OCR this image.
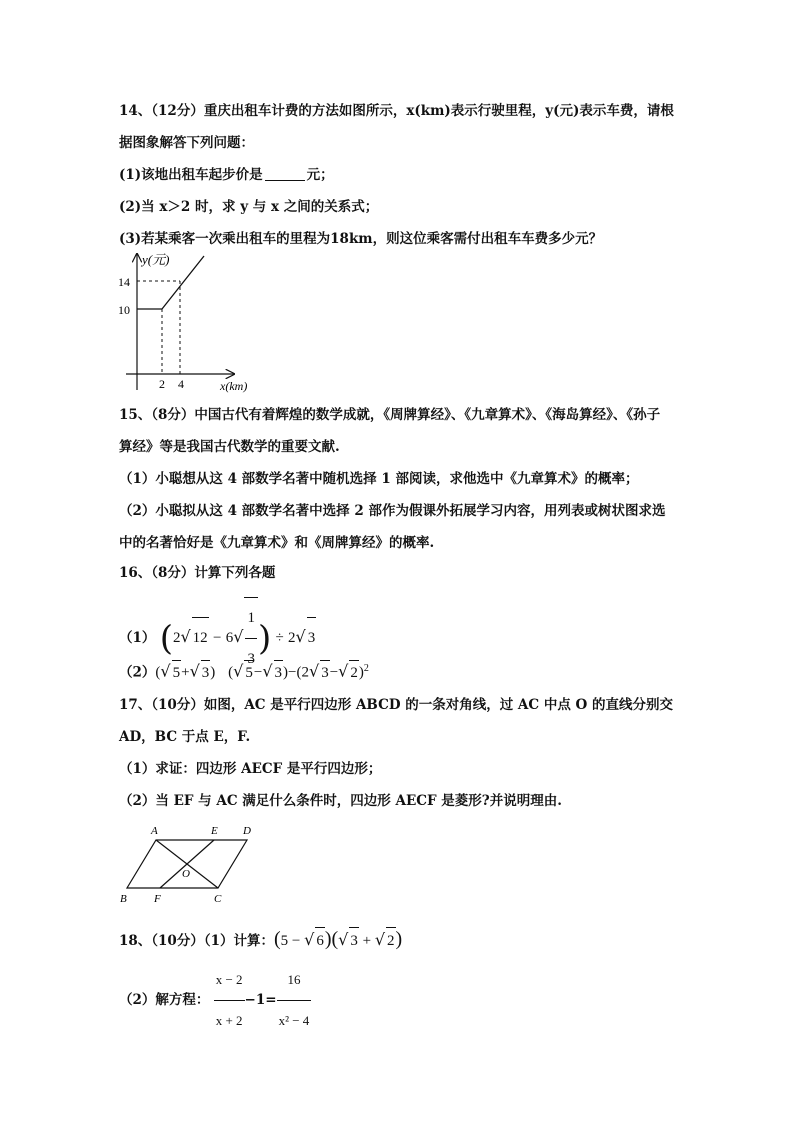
14、（12分）重庆出租车计费的方法如图所示，x(km)表示行驶里程，y(元)表示车费，请根
据图象解答下列问题：
(1)该地出租车起步价是	元；
(2)当 x＞2 时，求 y 与 x 之间的关系式；
(3)若某乘客一次乘出租车的里程为18km，则这位乘客需付出租车车费多少元？
y(元)
14
10
2 4	x(km)
15、（8分）中国古代有着辉煌的数学成就，《周牌算经》、《九章算术》、《海岛算经》、《孙子
算经》等是我国古代数学的重要文献.
（1）小聪想从这 4 部数学名著中随机选择 1 部阅读，求他选中《九章算术》的概率；
（2）小聪拟从这 4 部数学名著中选择 2 部作为假课外拓展学习内容，用列表或树状图求选
中的名著恰好是《九章算术》和《周牌算经》的概率.
16、（8分）计算下列各题
（1） (2√ $12 - 6√ \frac{1}{3}$ ) ÷ 2√ 3
（2）(√ 5+√ 3) (√ 5−√ 3)−(2√ 3−√ 2)$^2$
17、（10分）如图，AC 是平行四边形 ABCD 的一条对角线，过 AC 中点 O 的直线分别交
AD，BC 于点 E，F.
（1）求证：四边形 AECF 是平行四边形；
（2）当 EF 与 AC 满足什么条件时，四边形 AECF 是菱形?并说明理由.
A	E D
O
B F	C
18、（10分）（1）计算：(5 − √ 6)(√ 3 + √ 2)
（2）解方程： $\frac{x - 2}{x + 2} -1= \frac{16}{\text{x² − 4}}$
